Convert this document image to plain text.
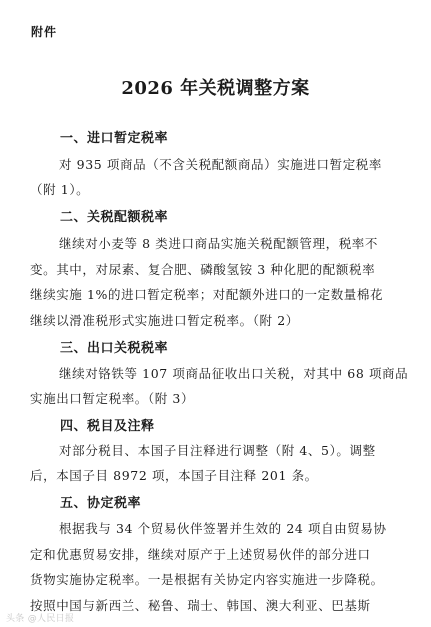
附件
2026 年关税调整方案
一、进口暂定税率
对 935 项商品（不含关税配额商品）实施进口暂定税率
（附 1）。
二、关税配额税率
继续对小麦等 8 类进口商品实施关税配额管理，税率不
变。其中，对尿素、复合肥、磷酸氢铵 3 种化肥的配额税率
继续实施 1%的进口暂定税率；对配额外进口的一定数量棉花
继续以滑准税形式实施进口暂定税率。（附 2）
三、出口关税税率
继续对铬铁等 107 项商品征收出口关税，对其中 68 项商品
实施出口暂定税率。（附 3）
四、税目及注释
对部分税目、本国子目注释进行调整（附 4、5）。调整
后，本国子目 8972 项，本国子目注释 201 条。
五、协定税率
根据我与 34 个贸易伙伴签署并生效的 24 项自由贸易协
定和优惠贸易安排，继续对原产于上述贸易伙伴的部分进口
货物实施协定税率。一是根据有关协定内容实施进一步降税。
按照中国与新西兰、秘鲁、瑞士、韩国、澳大利亚、巴基斯
头条 @人民日报
